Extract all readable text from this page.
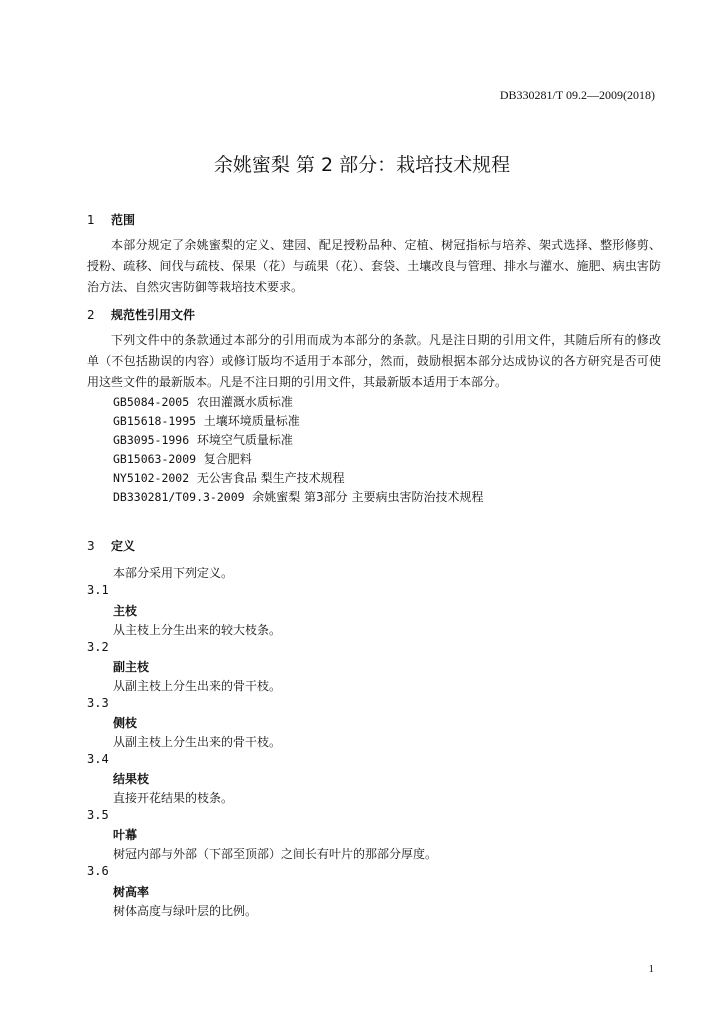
DB330281/T 09.2—2009(2018)
余姚蜜梨 第 2 部分：栽培技术规程
1 范围
本部分规定了余姚蜜梨的定义、建园、配足授粉品种、定植、树冠指标与培养、架式选择、整形修剪、授粉、疏移、间伐与疏枝、保果（花）与疏果（花）、套袋、土壤改良与管理、排水与灌水、施肥、病虫害防治方法、自然灾害防御等栽培技术要求。
2 规范性引用文件
下列文件中的条款通过本部分的引用而成为本部分的条款。凡是注日期的引用文件，其随后所有的修改单（不包括勘误的内容）或修订版均不适用于本部分，然而，鼓励根据本部分达成协议的各方研究是否可使用这些文件的最新版本。凡是不注日期的引用文件，其最新版本适用于本部分。
GB5084-2005 农田灌溉水质标准
GB15618-1995 土壤环境质量标准
GB3095-1996 环境空气质量标准
GB15063-2009 复合肥料
NY5102-2002 无公害食品 梨生产技术规程
DB330281/T09.3-2009 余姚蜜梨 第3部分 主要病虫害防治技术规程
3 定义
本部分采用下列定义。
3.1
主枝
从主枝上分生出来的较大枝条。
3.2
副主枝
从副主枝上分生出来的骨干枝。
3.3
侧枝
从副主枝上分生出来的骨干枝。
3.4
结果枝
直接开花结果的枝条。
3.5
叶幕
树冠内部与外部（下部至顶部）之间长有叶片的那部分厚度。
3.6
树高率
树体高度与绿叶层的比例。
1
